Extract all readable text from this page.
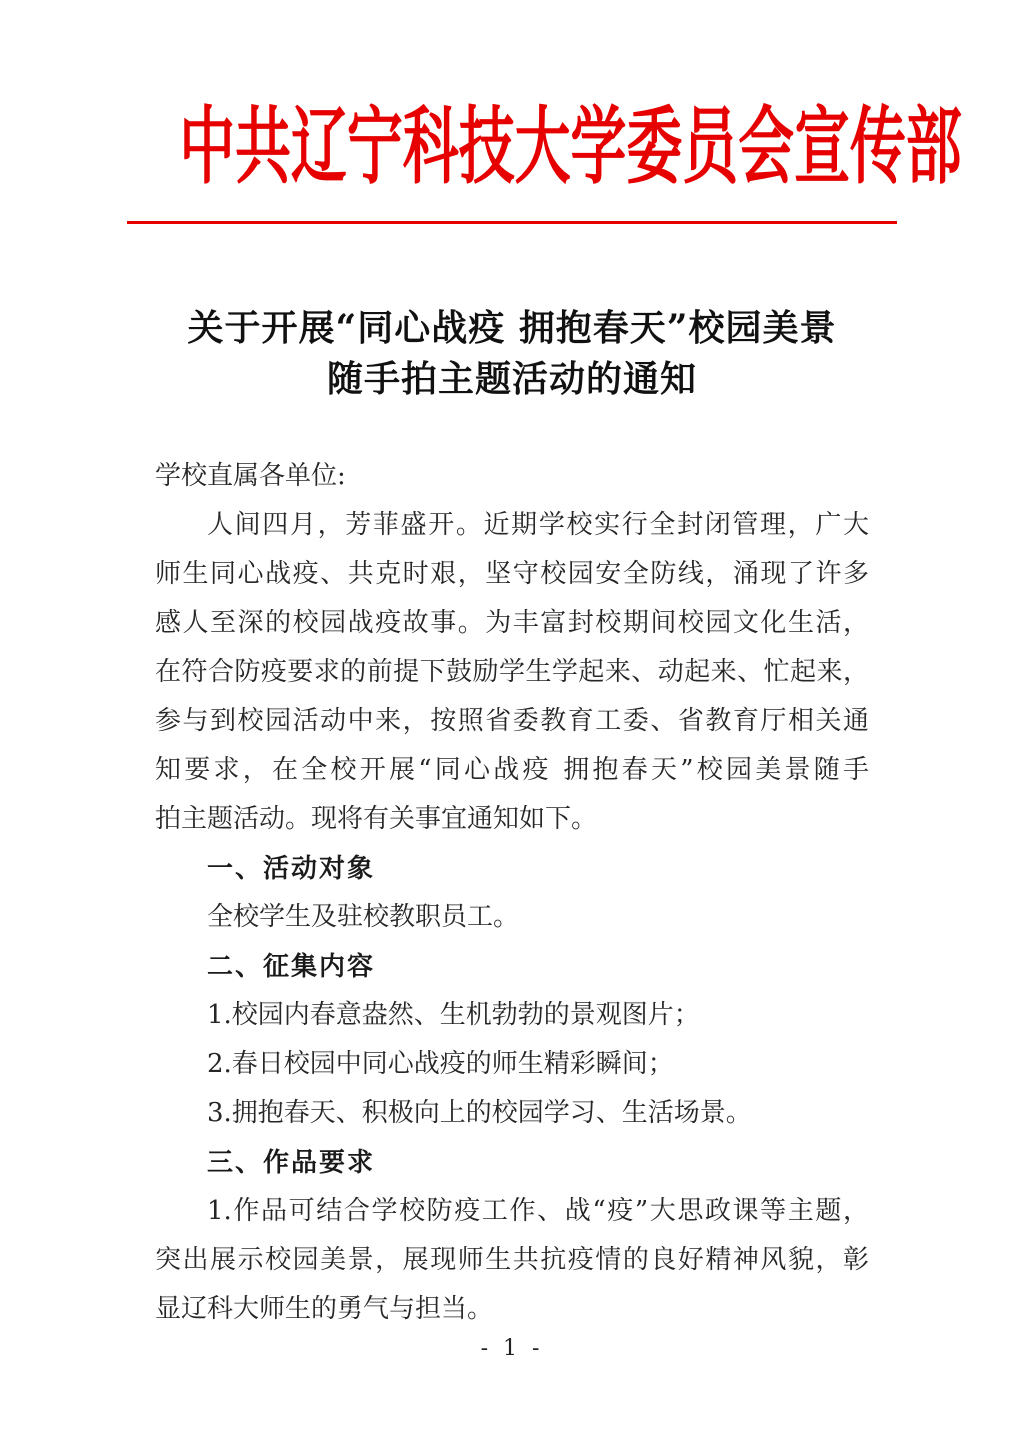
中共辽宁科技大学委员会宣传部
关于开展“同心战疫 拥抱春天”校园美景
随手拍主题活动的通知
学校直属各单位:
人间四月，芳菲盛开。近期学校实行全封闭管理，广大
师生同心战疫、共克时艰，坚守校园安全防线，涌现了许多
感人至深的校园战疫故事。为丰富封校期间校园文化生活，
在符合防疫要求的前提下鼓励学生学起来、动起来、忙起来，
参与到校园活动中来，按照省委教育工委、省教育厅相关通
知要求，在全校开展“同心战疫 拥抱春天”校园美景随手
拍主题活动。现将有关事宜通知如下。
一、活动对象
全校学生及驻校教职员工。
二、征集内容
1.校园内春意盎然、生机勃勃的景观图片；
2.春日校园中同心战疫的师生精彩瞬间；
3.拥抱春天、积极向上的校园学习、生活场景。
三、作品要求
1.作品可结合学校防疫工作、战“疫”大思政课等主题，
突出展示校园美景，展现师生共抗疫情的良好精神风貌，彰
显辽科大师生的勇气与担当。
- 1 -
